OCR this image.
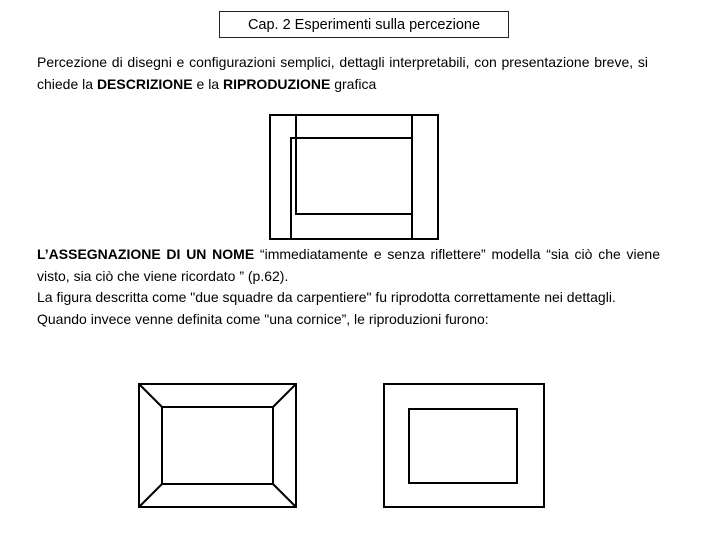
Cap. 2 Esperimenti sulla percezione

Percezione di disegni e configurazioni semplici, dettagli interpretabili, con presentazione breve, si chiede la DESCRIZIONE e la RIPRODUZIONE grafica

L’ASSEGNAZIONE DI UN NOME “immediatamente e senza riflettere” modella “sia ciò che viene visto, sia ciò che viene ricordato ” (p.62).
La figura descritta come "due squadre da carpentiere" fu riprodotta correttamente nei dettagli.
Quando invece venne definita come "una cornice”, le riproduzioni furono:
